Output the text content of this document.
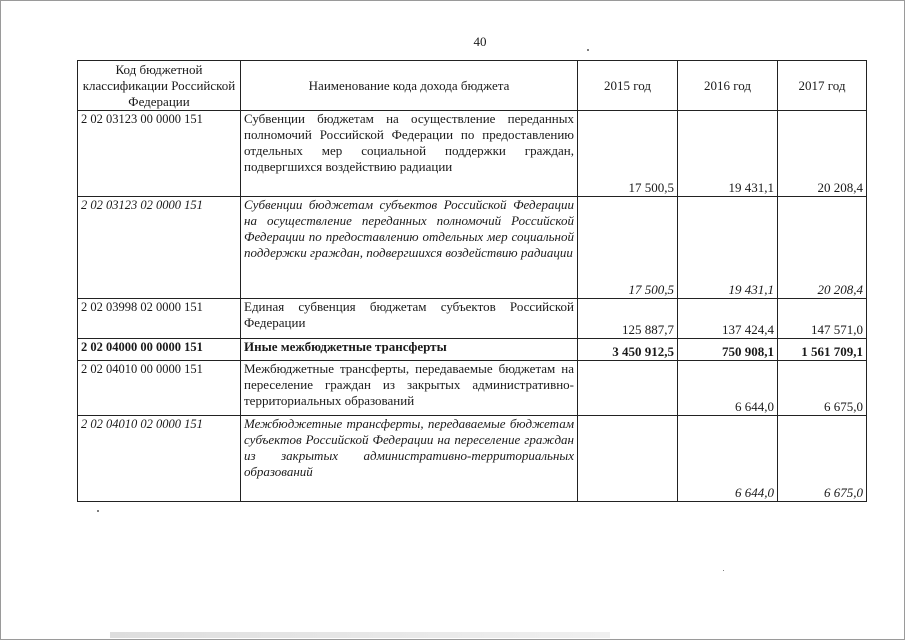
40
Код бюджетной классификации Российской Федерации	Наименование кода дохода бюджета	2015 год	2016 год	2017 год
2 02 03123 00 0000 151	Субвенции бюджетам на осуществление переданных полномочий Российской Федерации по предоставлению отдельных мер социальной поддержки граждан, подвергшихся воздействию радиации	17 500,5	19 431,1	20 208,4
2 02 03123 02 0000 151	Субвенции бюджетам субъектов Российской Федерации на осуществление переданных полномочий Российской Федерации по предоставлению отдельных мер социальной поддержки граждан, подвергшихся воздействию радиации	17 500,5	19 431,1	20 208,4
2 02 03998 02 0000 151	Единая субвенция бюджетам субъектов Российской Федерации	125 887,7	137 424,4	147 571,0
2 02 04000 00 0000 151	Иные межбюджетные трансферты	3 450 912,5	750 908,1	1 561 709,1
2 02 04010 00 0000 151	Межбюджетные трансферты, передаваемые бюджетам на переселение граждан из закрытых административно-территориальных образований		6 644,0	6 675,0
2 02 04010 02 0000 151	Межбюджетные трансферты, передаваемые бюджетам субъектов Российской Федерации на переселение граждан из закрытых административно-территориальных образований		6 644,0	6 675,0
